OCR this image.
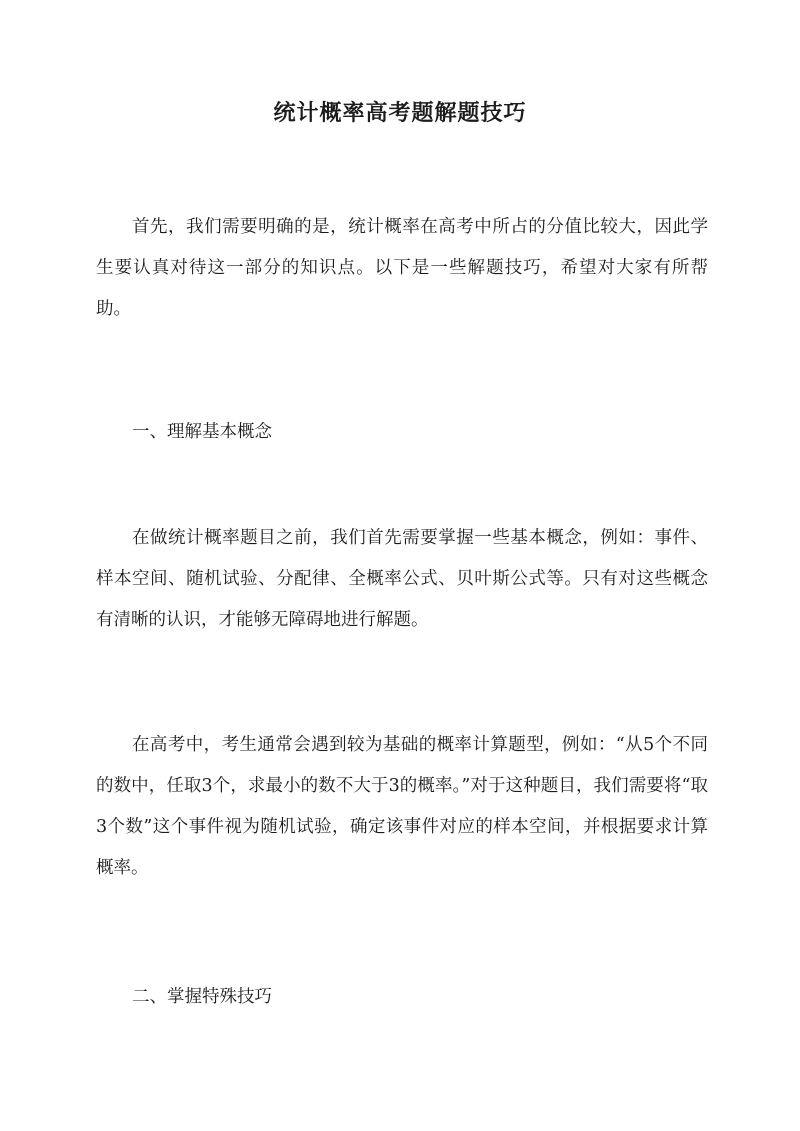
统计概率高考题解题技巧

首先，我们需要明确的是，统计概率在高考中所占的分值比较大，因此学生要认真对待这一部分的知识点。以下是一些解题技巧，希望对大家有所帮助。

一、理解基本概念

在做统计概率题目之前，我们首先需要掌握一些基本概念，例如：事件、样本空间、随机试验、分配律、全概率公式、贝叶斯公式等。只有对这些概念有清晰的认识，才能够无障碍地进行解题。

在高考中，考生通常会遇到较为基础的概率计算题型，例如：“从5个不同的数中，任取3个，求最小的数不大于3的概率。”对于这种题目，我们需要将“取3个数”这个事件视为随机试验，确定该事件对应的样本空间，并根据要求计算概率。

二、掌握特殊技巧
